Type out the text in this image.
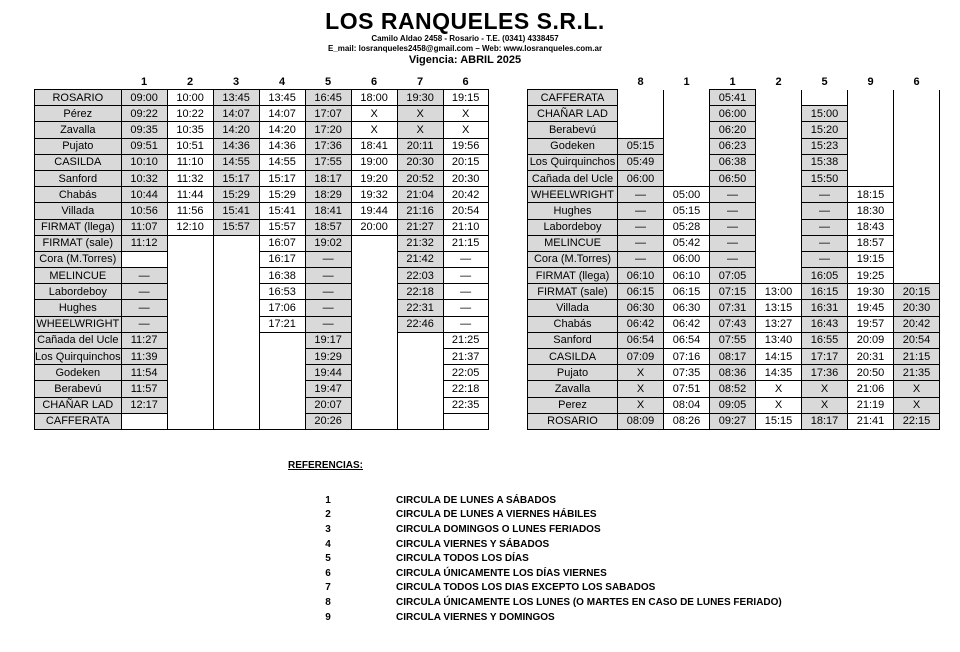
LOS RANQUELES S.R.L.
Camilo Aldao 2458 - Rosario - T.E. (0341) 4338457
E_mail: losranqueles2458@gmail.com – Web: www.losranqueles.com.ar
Vigencia: ABRIL 2025
	1	2	3	4	5	6	7	6
ROSARIO	09:00	10:00	13:45	13:45	16:45	18:00	19:30	19:15
Pérez	09:22	10:22	14:07	14:07	17:07	X	X	X
Zavalla	09:35	10:35	14:20	14:20	17:20	X	X	X
Pujato	09:51	10:51	14:36	14:36	17:36	18:41	20:11	19:56
CASILDA	10:10	11:10	14:55	14:55	17:55	19:00	20:30	20:15
Sanford	10:32	11:32	15:17	15:17	18:17	19:20	20:52	20:30
Chabás	10:44	11:44	15:29	15:29	18:29	19:32	21:04	20:42
Villada	10:56	11:56	15:41	15:41	18:41	19:44	21:16	20:54
FIRMAT (llega)	11:07	12:10	15:57	15:57	18:57	20:00	21:27	21:10
FIRMAT (sale)	11:12			16:07	19:02		21:32	21:15
Cora (M.Torres)				16:17	—		21:42	—
MELINCUE	—			16:38	—		22:03	—
Labordeboy	—			16:53	—		22:18	—
Hughes	—			17:06	—		22:31	—
WHEELWRIGHT	—			17:21	—		22:46	—
Cañada del Ucle	11:27				19:17			21:25
Los Quirquinchos	11:39				19:29			21:37
Godeken	11:54				19:44			22:05
Berabevú	11:57				19:47			22:18
CHAÑAR LAD	12:17				20:07			22:35
CAFFERATA					20:26			
	8	1	1	2	5	9	6
CAFFERATA			05:41				
CHAÑAR LAD			06:00		15:00		
Berabevú			06:20		15:20		
Godeken	05:15		06:23		15:23		
Los Quirquinchos	05:49		06:38		15:38		
Cañada del Ucle	06:00		06:50		15:50		
WHEELWRIGHT	—	05:00	—		—	18:15	
Hughes	—	05:15	—		—	18:30	
Labordeboy	—	05:28	—		—	18:43	
MELINCUE	—	05:42	—		—	18:57	
Cora (M.Torres)	—	06:00	—		—	19:15	
FIRMAT (llega)	06:10	06:10	07:05		16:05	19:25	
FIRMAT (sale)	06:15	06:15	07:15	13:00	16:15	19:30	20:15
Villada	06:30	06:30	07:31	13:15	16:31	19:45	20:30
Chabás	06:42	06:42	07:43	13:27	16:43	19:57	20:42
Sanford	06:54	06:54	07:55	13:40	16:55	20:09	20:54
CASILDA	07:09	07:16	08:17	14:15	17:17	20:31	21:15
Pujato	X	07:35	08:36	14:35	17:36	20:50	21:35
Zavalla	X	07:51	08:52	X	X	21:06	X
Perez	X	08:04	09:05	X	X	21:19	X
ROSARIO	08:09	08:26	09:27	15:15	18:17	21:41	22:15
REFERENCIAS:
1	CIRCULA DE LUNES A SÁBADOS
2	CIRCULA DE LUNES A VIERNES HÁBILES
3	CIRCULA DOMINGOS O LUNES FERIADOS
4	CIRCULA VIERNES Y SÁBADOS
5	CIRCULA TODOS LOS DÍAS
6	CIRCULA ÚNICAMENTE LOS DÍAS VIERNES
7	CIRCULA TODOS LOS DIAS EXCEPTO LOS SABADOS
8	CIRCULA ÚNICAMENTE LOS LUNES (O MARTES EN CASO DE LUNES FERIADO)
9	CIRCULA VIERNES Y DOMINGOS
